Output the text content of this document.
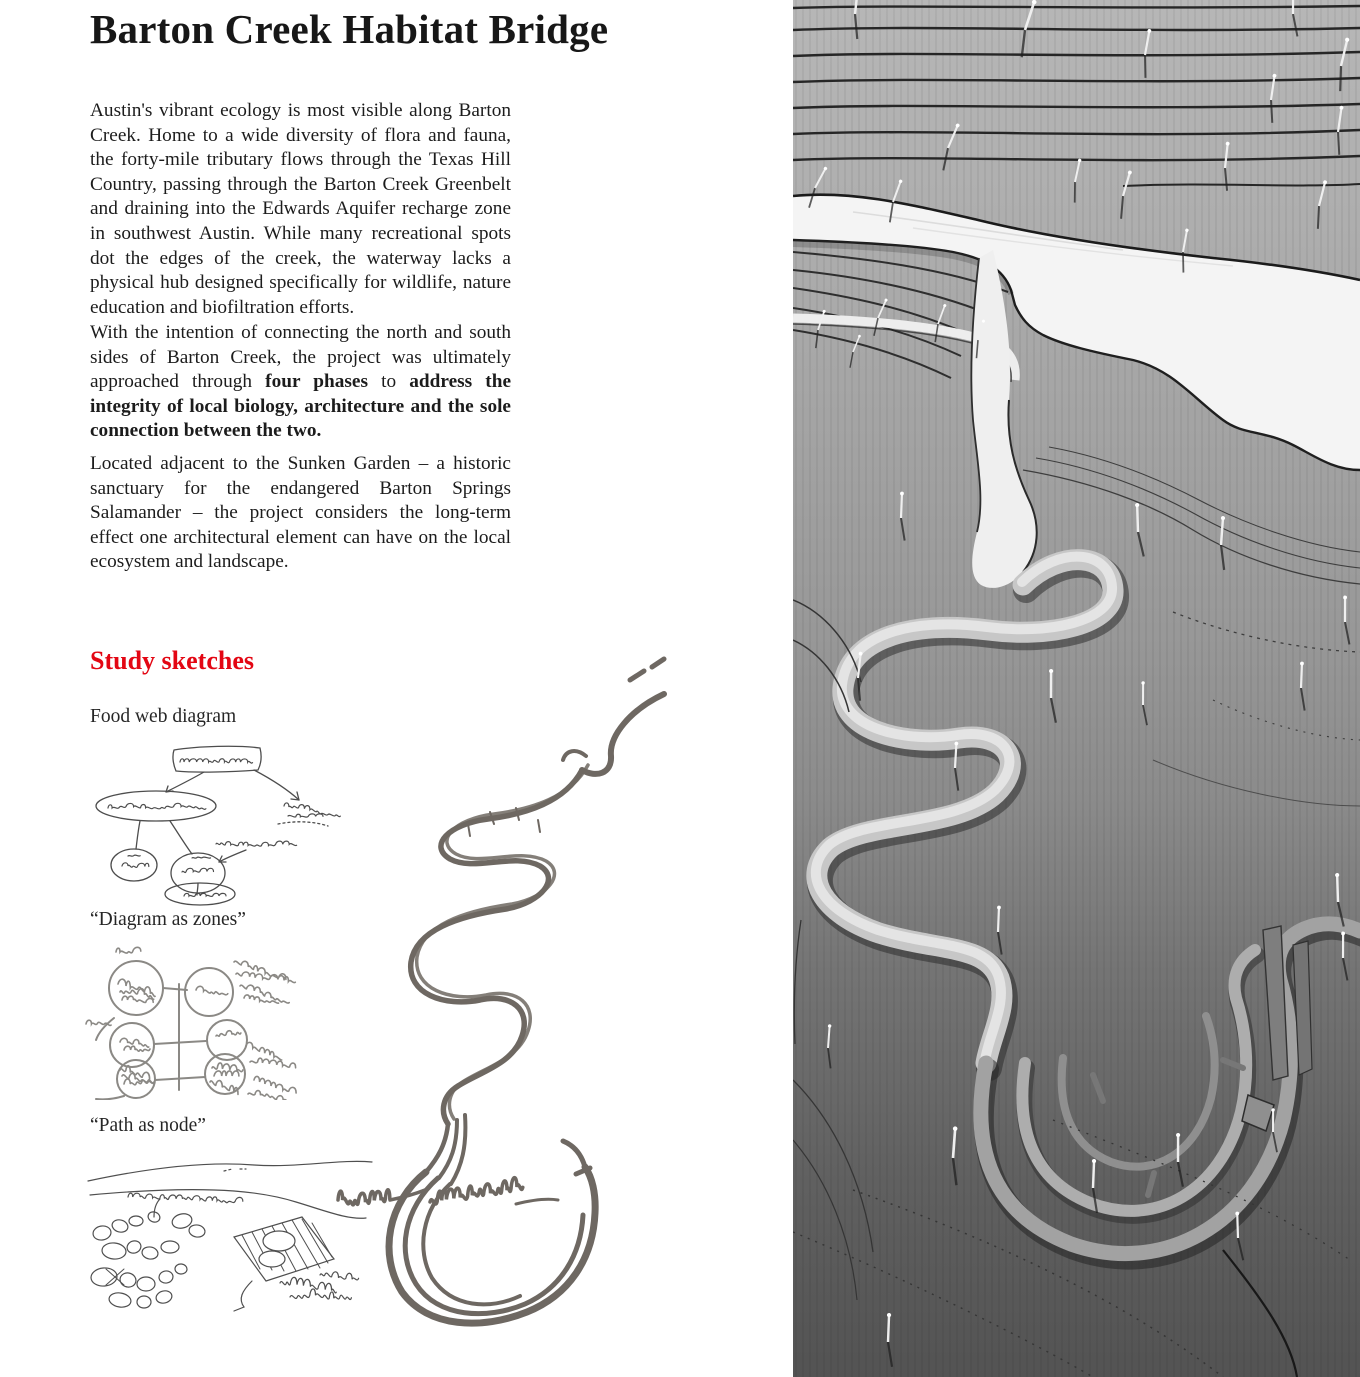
Barton Creek Habitat Bridge

Austin's vibrant ecology is most visible along Barton Creek. Home to a wide diversity of flora and fauna, the forty-mile tributary flows through the Texas Hill Country, passing through the Barton Creek Greenbelt and draining into the Edwards Aquifer recharge zone in southwest Austin. While many recreational spots dot the edges of the creek, the waterway lacks a physical hub designed specifically for wildlife, nature education and biofiltration efforts.

With the intention of connecting the north and south sides of Barton Creek, the project was ultimately approached through four phases to address the integrity of local biology, architecture and the sole connection between the two.

Located adjacent to the Sunken Garden – a historic sanctuary for the endangered Barton Springs Salamander – the project considers the long-term effect one architectural element can have on the local ecosystem and landscape.

Study sketches
Food web diagram
“Diagram as zones”
“Path as node”
